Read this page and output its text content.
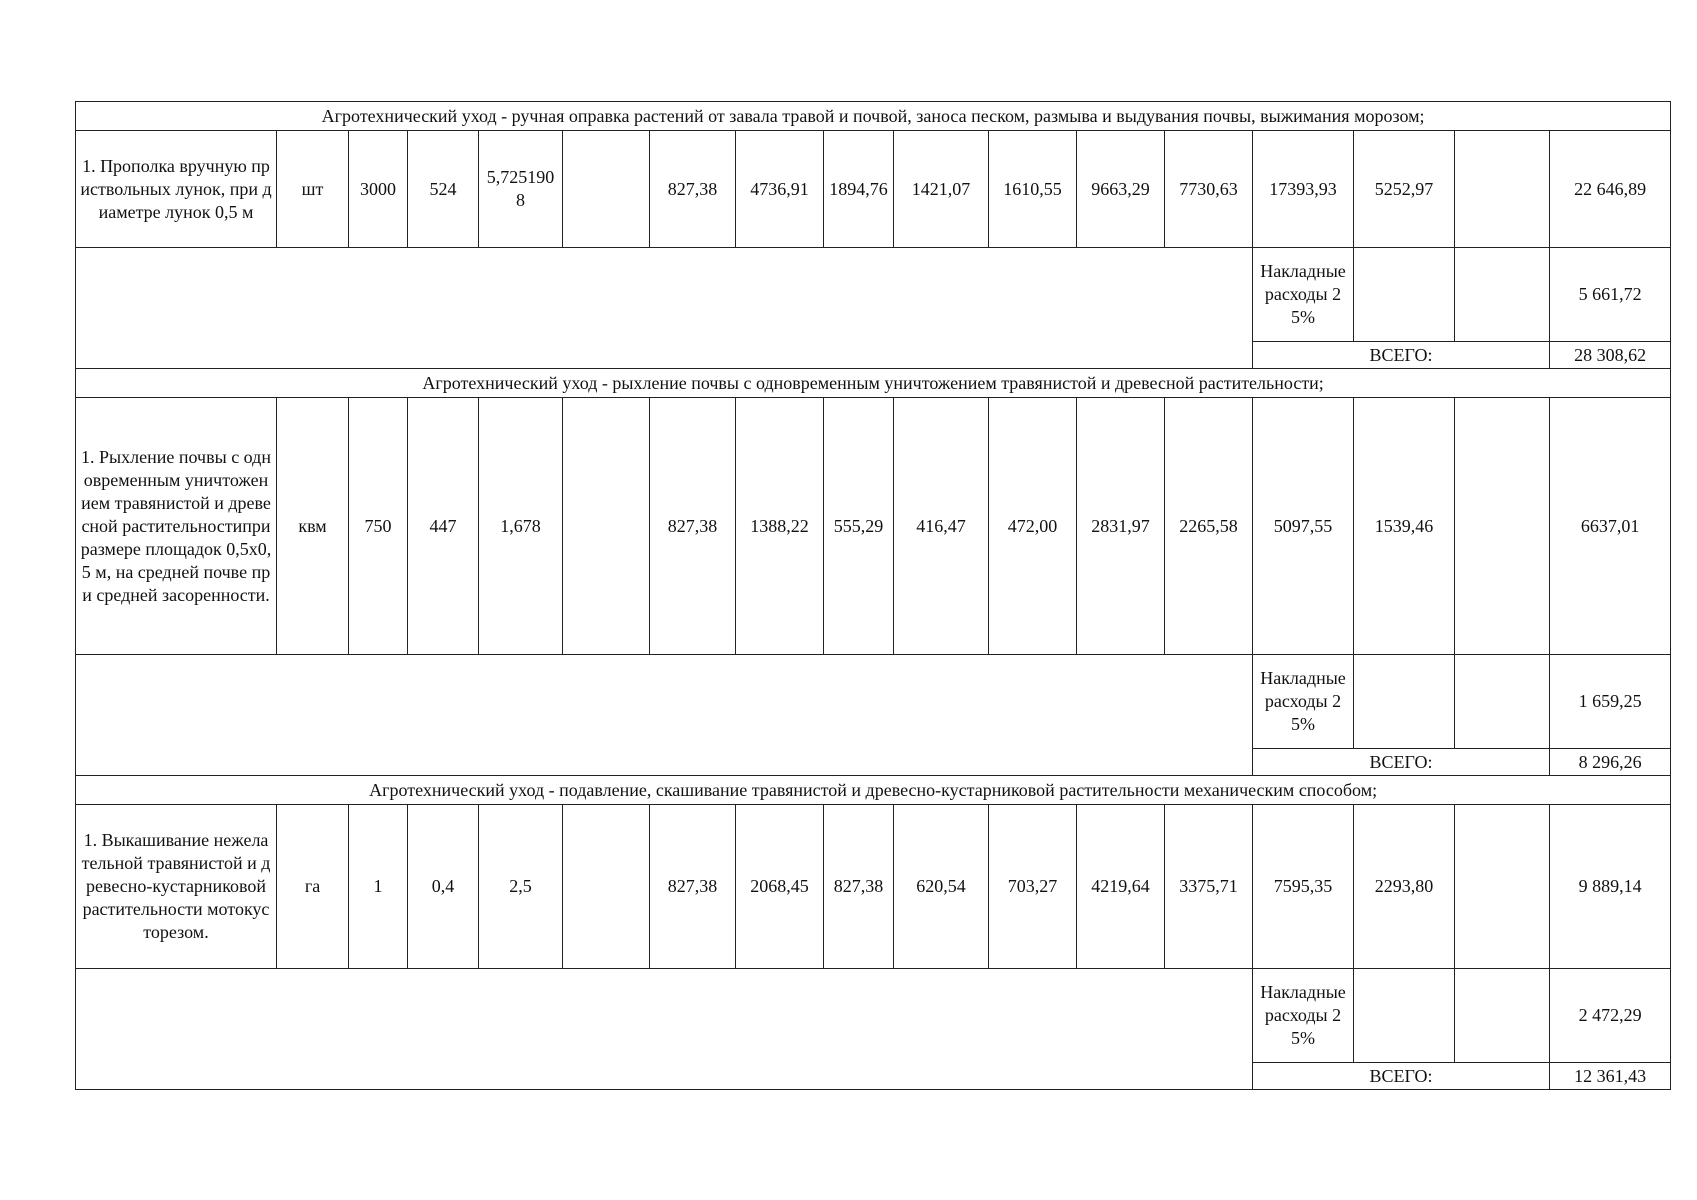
Агротехнический уход - ручная оправка растений от завала травой и почвой, заноса песком, размыва и выдувания почвы, выжимания морозом;																
1. Прополка вручную приствольных лунок, при диаметре лунок 0,5 м	шт	3000	524	5,7251908		827,38	4736,91	1894,76	1421,07	1610,55	9663,29	7730,63	17393,93	5252,97		22 646,89
													Накладные расходы 25%			5 661,72
													ВСЕГО:			28 308,62
Агротехнический уход - рыхление почвы с одновременным уничтожением травянистой и древесной растительности;																
1. Рыхление почвы с одновременным уничтожением травянистой и древесной растительностипри размере площадок 0,5х0,5 м, на средней почве при средней засоренности.	квм	750	447	1,678		827,38	1388,22	555,29	416,47	472,00	2831,97	2265,58	5097,55	1539,46		6637,01
													Накладные расходы 25%			1 659,25
													ВСЕГО:			8 296,26
Агротехнический уход - подавление, скашивание травянистой и древесно-кустарниковой растительности механическим способом;																
1. Выкашивание нежелательной травянистой и древесно-кустарниковой растительности мотокусторезом.	га	1	0,4	2,5		827,38	2068,45	827,38	620,54	703,27	4219,64	3375,71	7595,35	2293,80		9 889,14
													Накладные расходы 25%			2 472,29
													ВСЕГО:			12 361,43
